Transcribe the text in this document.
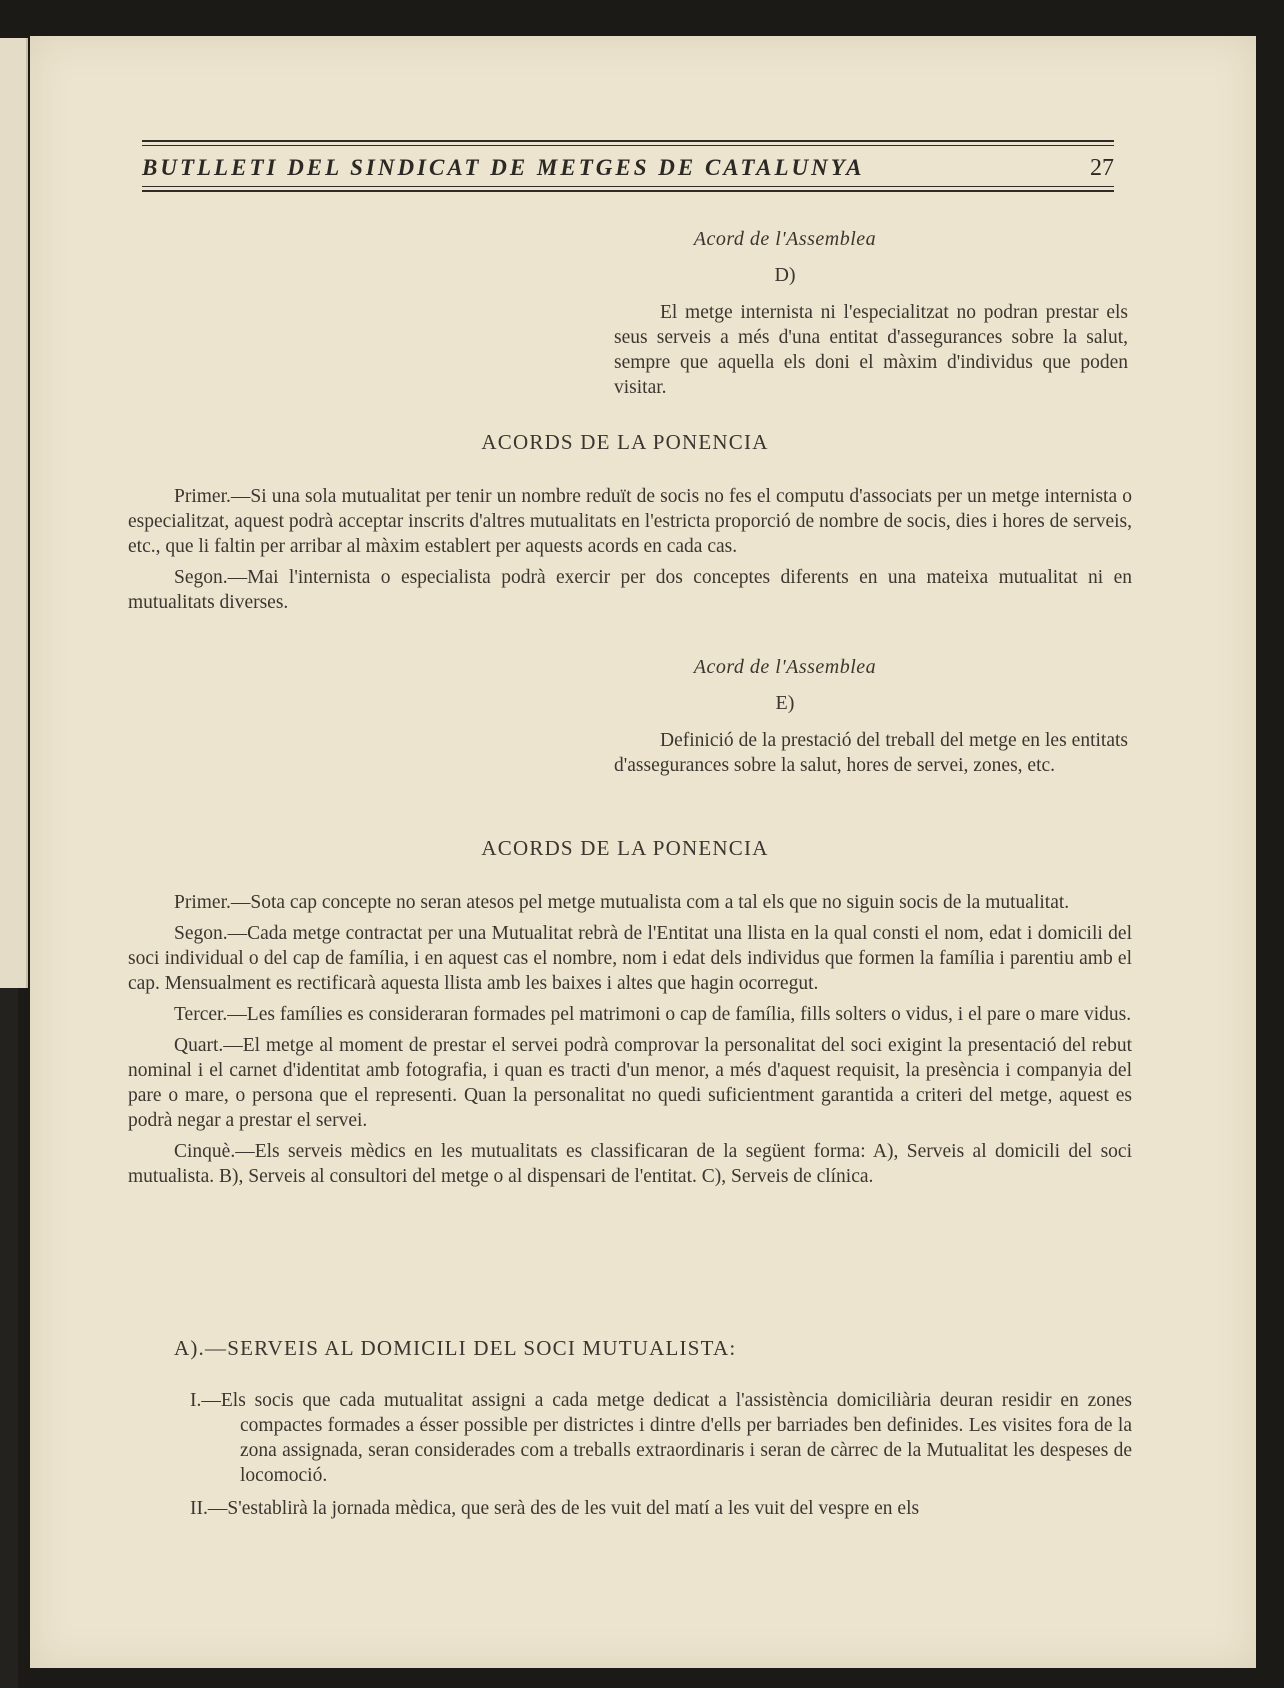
BUTLLETI DEL SINDICAT DE METGES DE CATALUNYA	27
Acord de l'Assemblea
D)
El metge internista ni l'especialitzat no podran prestar els seus serveis a més d'una entitat d'assegurances sobre la salut, sempre que aquella els doni el màxim d'individus que poden visitar.
ACORDS DE LA PONENCIA

Primer.—Si una sola mutualitat per tenir un nombre reduït de socis no fes el computu d'associats per un metge internista o especialitzat, aquest podrà acceptar inscrits d'altres mutualitats en l'estricta proporció de nombre de socis, dies i hores de serveis, etc., que li faltin per arribar al màxim establert per aquests acords en cada cas.

Segon.—Mai l'internista o especialista podrà exercir per dos conceptes diferents en una mateixa mutualitat ni en mutualitats diverses.

Acord de l'Assemblea
E)
Definició de la prestació del treball del metge en les entitats d'assegurances sobre la salut, hores de servei, zones, etc.
ACORDS DE LA PONENCIA

Primer.—Sota cap concepte no seran atesos pel metge mutualista com a tal els que no siguin socis de la mutualitat.

Segon.—Cada metge contractat per una Mutualitat rebrà de l'Entitat una llista en la qual consti el nom, edat i domicili del soci individual o del cap de família, i en aquest cas el nombre, nom i edat dels individus que formen la família i parentiu amb el cap. Mensualment es rectificarà aquesta llista amb les baixes i altes que hagin ocorregut.

Tercer.—Les famílies es consideraran formades pel matrimoni o cap de família, fills solters o vidus, i el pare o mare vidus.

Quart.—El metge al moment de prestar el servei podrà comprovar la personalitat del soci exigint la presentació del rebut nominal i el carnet d'identitat amb fotografia, i quan es tracti d'un menor, a més d'aquest requisit, la presència i companyia del pare o mare, o persona que el representi. Quan la personalitat no quedi suficientment garantida a criteri del metge, aquest es podrà negar a prestar el servei.

Cinquè.—Els serveis mèdics en les mutualitats es classificaran de la següent forma: A), Serveis al domicili del soci mutualista. B), Serveis al consultori del metge o al dispensari de l'entitat. C), Serveis de clínica.

A).—SERVEIS AL DOMICILI DEL SOCI MUTUALISTA:

I.—Els socis que cada mutualitat assigni a cada metge dedicat a l'assistència domiciliària deuran residir en zones compactes formades a ésser possible per districtes i dintre d'ells per barriades ben definides. Les visites fora de la zona assignada, seran considerades com a treballs extraordinaris i seran de càrrec de la Mutualitat les despeses de locomoció.

II.—S'establirà la jornada mèdica, que serà des de les vuit del matí a les vuit del vespre en els
